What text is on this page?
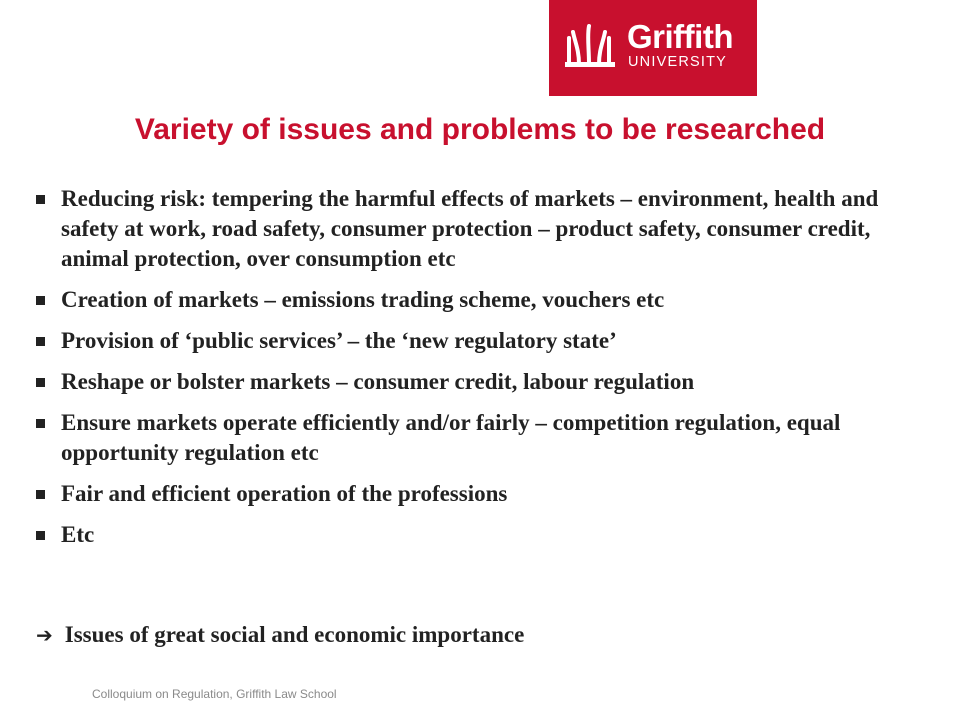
Griffith
UNIVERSITY
Variety of issues and problems to be researched
Reducing risk: tempering the harmful effects of markets – environment, health and safety at work, road safety, consumer protection – product safety, consumer credit, animal protection, over consumption etc
Creation of markets – emissions trading scheme, vouchers etc
Provision of ‘public services’ – the ‘new regulatory state’
Reshape or bolster markets – consumer credit, labour regulation
Ensure markets operate efficiently and/or fairly – competition regulation, equal opportunity regulation etc
Fair and efficient operation of the professions
Etc
➔ Issues of great social and economic importance
Colloquium on Regulation, Griffith Law School
